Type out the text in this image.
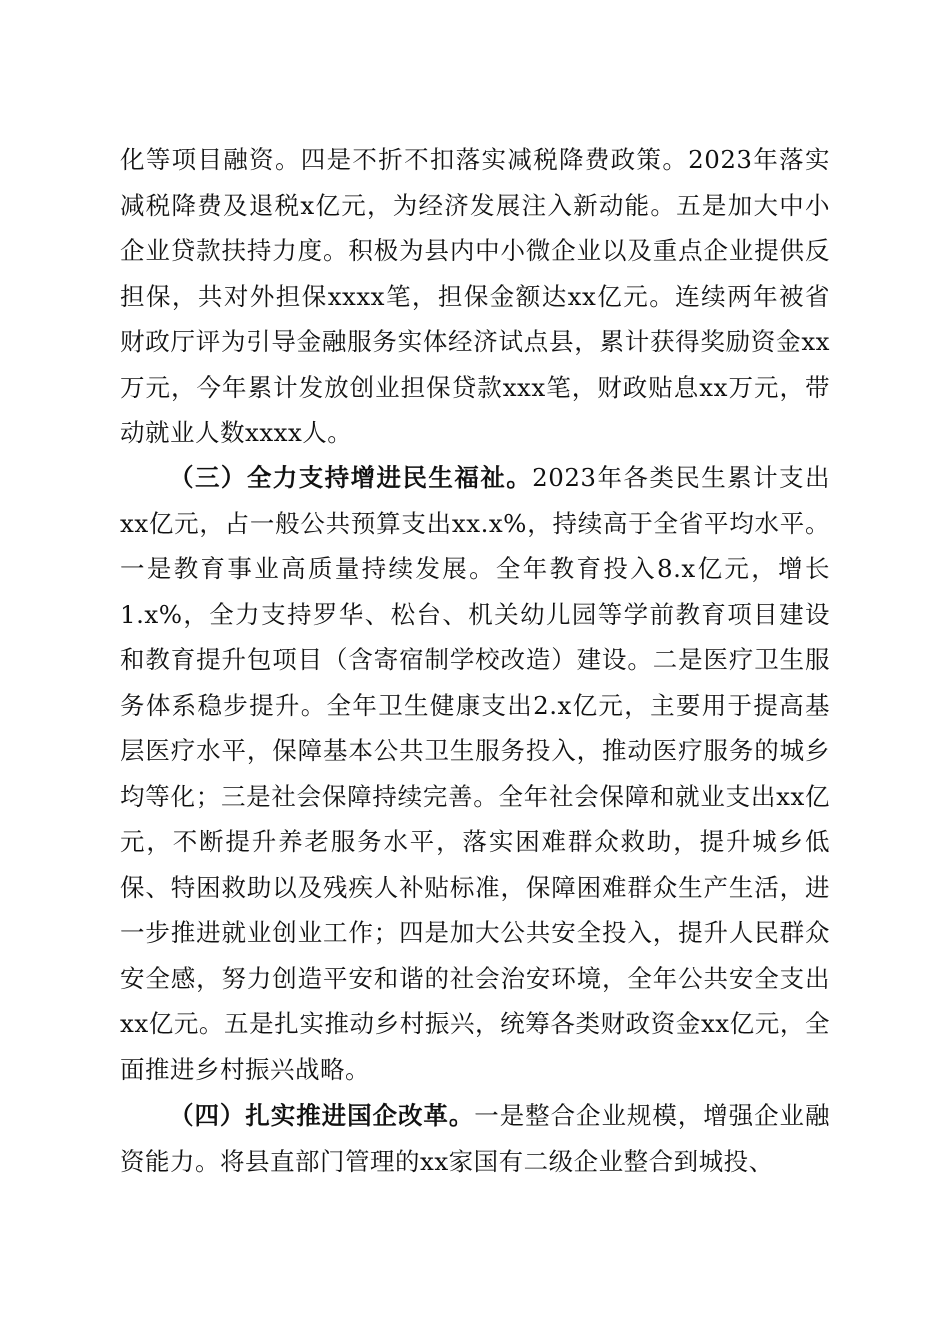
化等项目融资。四是不折不扣落实减税降费政策。2023年落实减税降费及退税x亿元，为经济发展注入新动能。五是加大中小企业贷款扶持力度。积极为县内中小微企业以及重点企业提供反担保，共对外担保xxxx笔，担保金额达xx亿元。连续两年被省财政厅评为引导金融服务实体经济试点县，累计获得奖励资金xx万元，今年累计发放创业担保贷款xxx笔，财政贴息xx万元，带动就业人数xxxx人。

（三）全力支持增进民生福祉。2023年各类民生累计支出xx亿元，占一般公共预算支出xx.x%，持续高于全省平均水平。一是教育事业高质量持续发展。全年教育投入8.x亿元，增长1.x%，全力支持罗华、松台、机关幼儿园等学前教育项目建设和教育提升包项目（含寄宿制学校改造）建设。二是医疗卫生服务体系稳步提升。全年卫生健康支出2.x亿元，主要用于提高基层医疗水平，保障基本公共卫生服务投入，推动医疗服务的城乡均等化；三是社会保障持续完善。全年社会保障和就业支出xx亿元，不断提升养老服务水平，落实困难群众救助，提升城乡低保、特困救助以及残疾人补贴标准，保障困难群众生产生活，进一步推进就业创业工作；四是加大公共安全投入，提升人民群众安全感，努力创造平安和谐的社会治安环境，全年公共安全支出xx亿元。五是扎实推动乡村振兴，统筹各类财政资金xx亿元，全面推进乡村振兴战略。

（四）扎实推进国企改革。一是整合企业规模，增强企业融资能力。将县直部门管理的xx家国有二级企业整合到城投、
